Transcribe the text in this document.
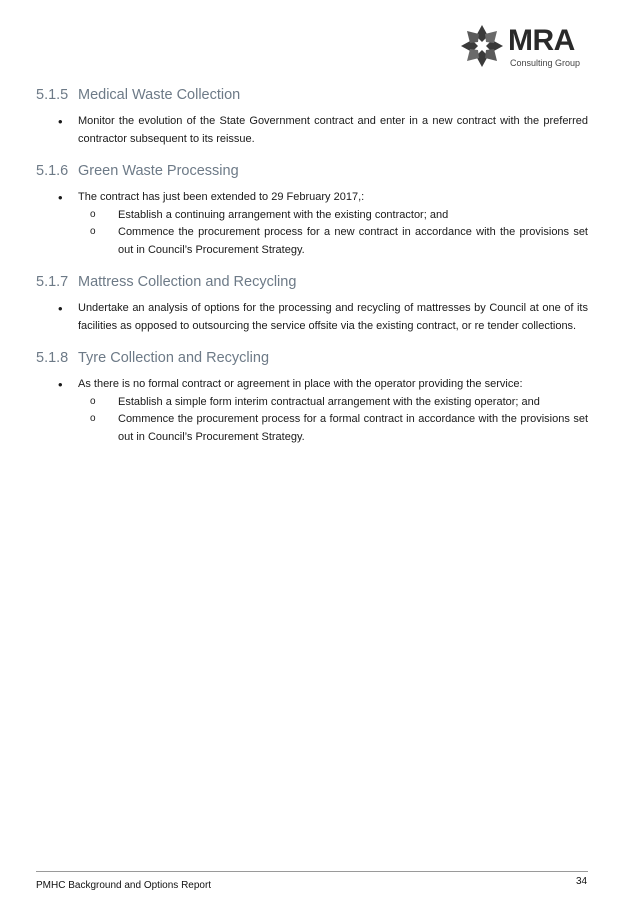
MRA
Consulting Group
5.1.5 Medical Waste Collection
• Monitor the evolution of the State Government contract and enter in a new contract with the preferred contractor subsequent to its reissue.
5.1.6 Green Waste Processing
• The contract has just been extended to 29 February 2017,:
o Establish a continuing arrangement with the existing contractor; and
o Commence the procurement process for a new contract in accordance with the provisions set out in Council’s Procurement Strategy.
5.1.7 Mattress Collection and Recycling
• Undertake an analysis of options for the processing and recycling of mattresses by Council at one of its facilities as opposed to outsourcing the service offsite via the existing contract, or re tender collections.
5.1.8 Tyre Collection and Recycling
• As there is no formal contract or agreement in place with the operator providing the service:
o Establish a simple form interim contractual arrangement with the existing operator; and
o Commence the procurement process for a formal contract in accordance with the provisions set out in Council’s Procurement Strategy.
PMHC Background and Options Report	34
